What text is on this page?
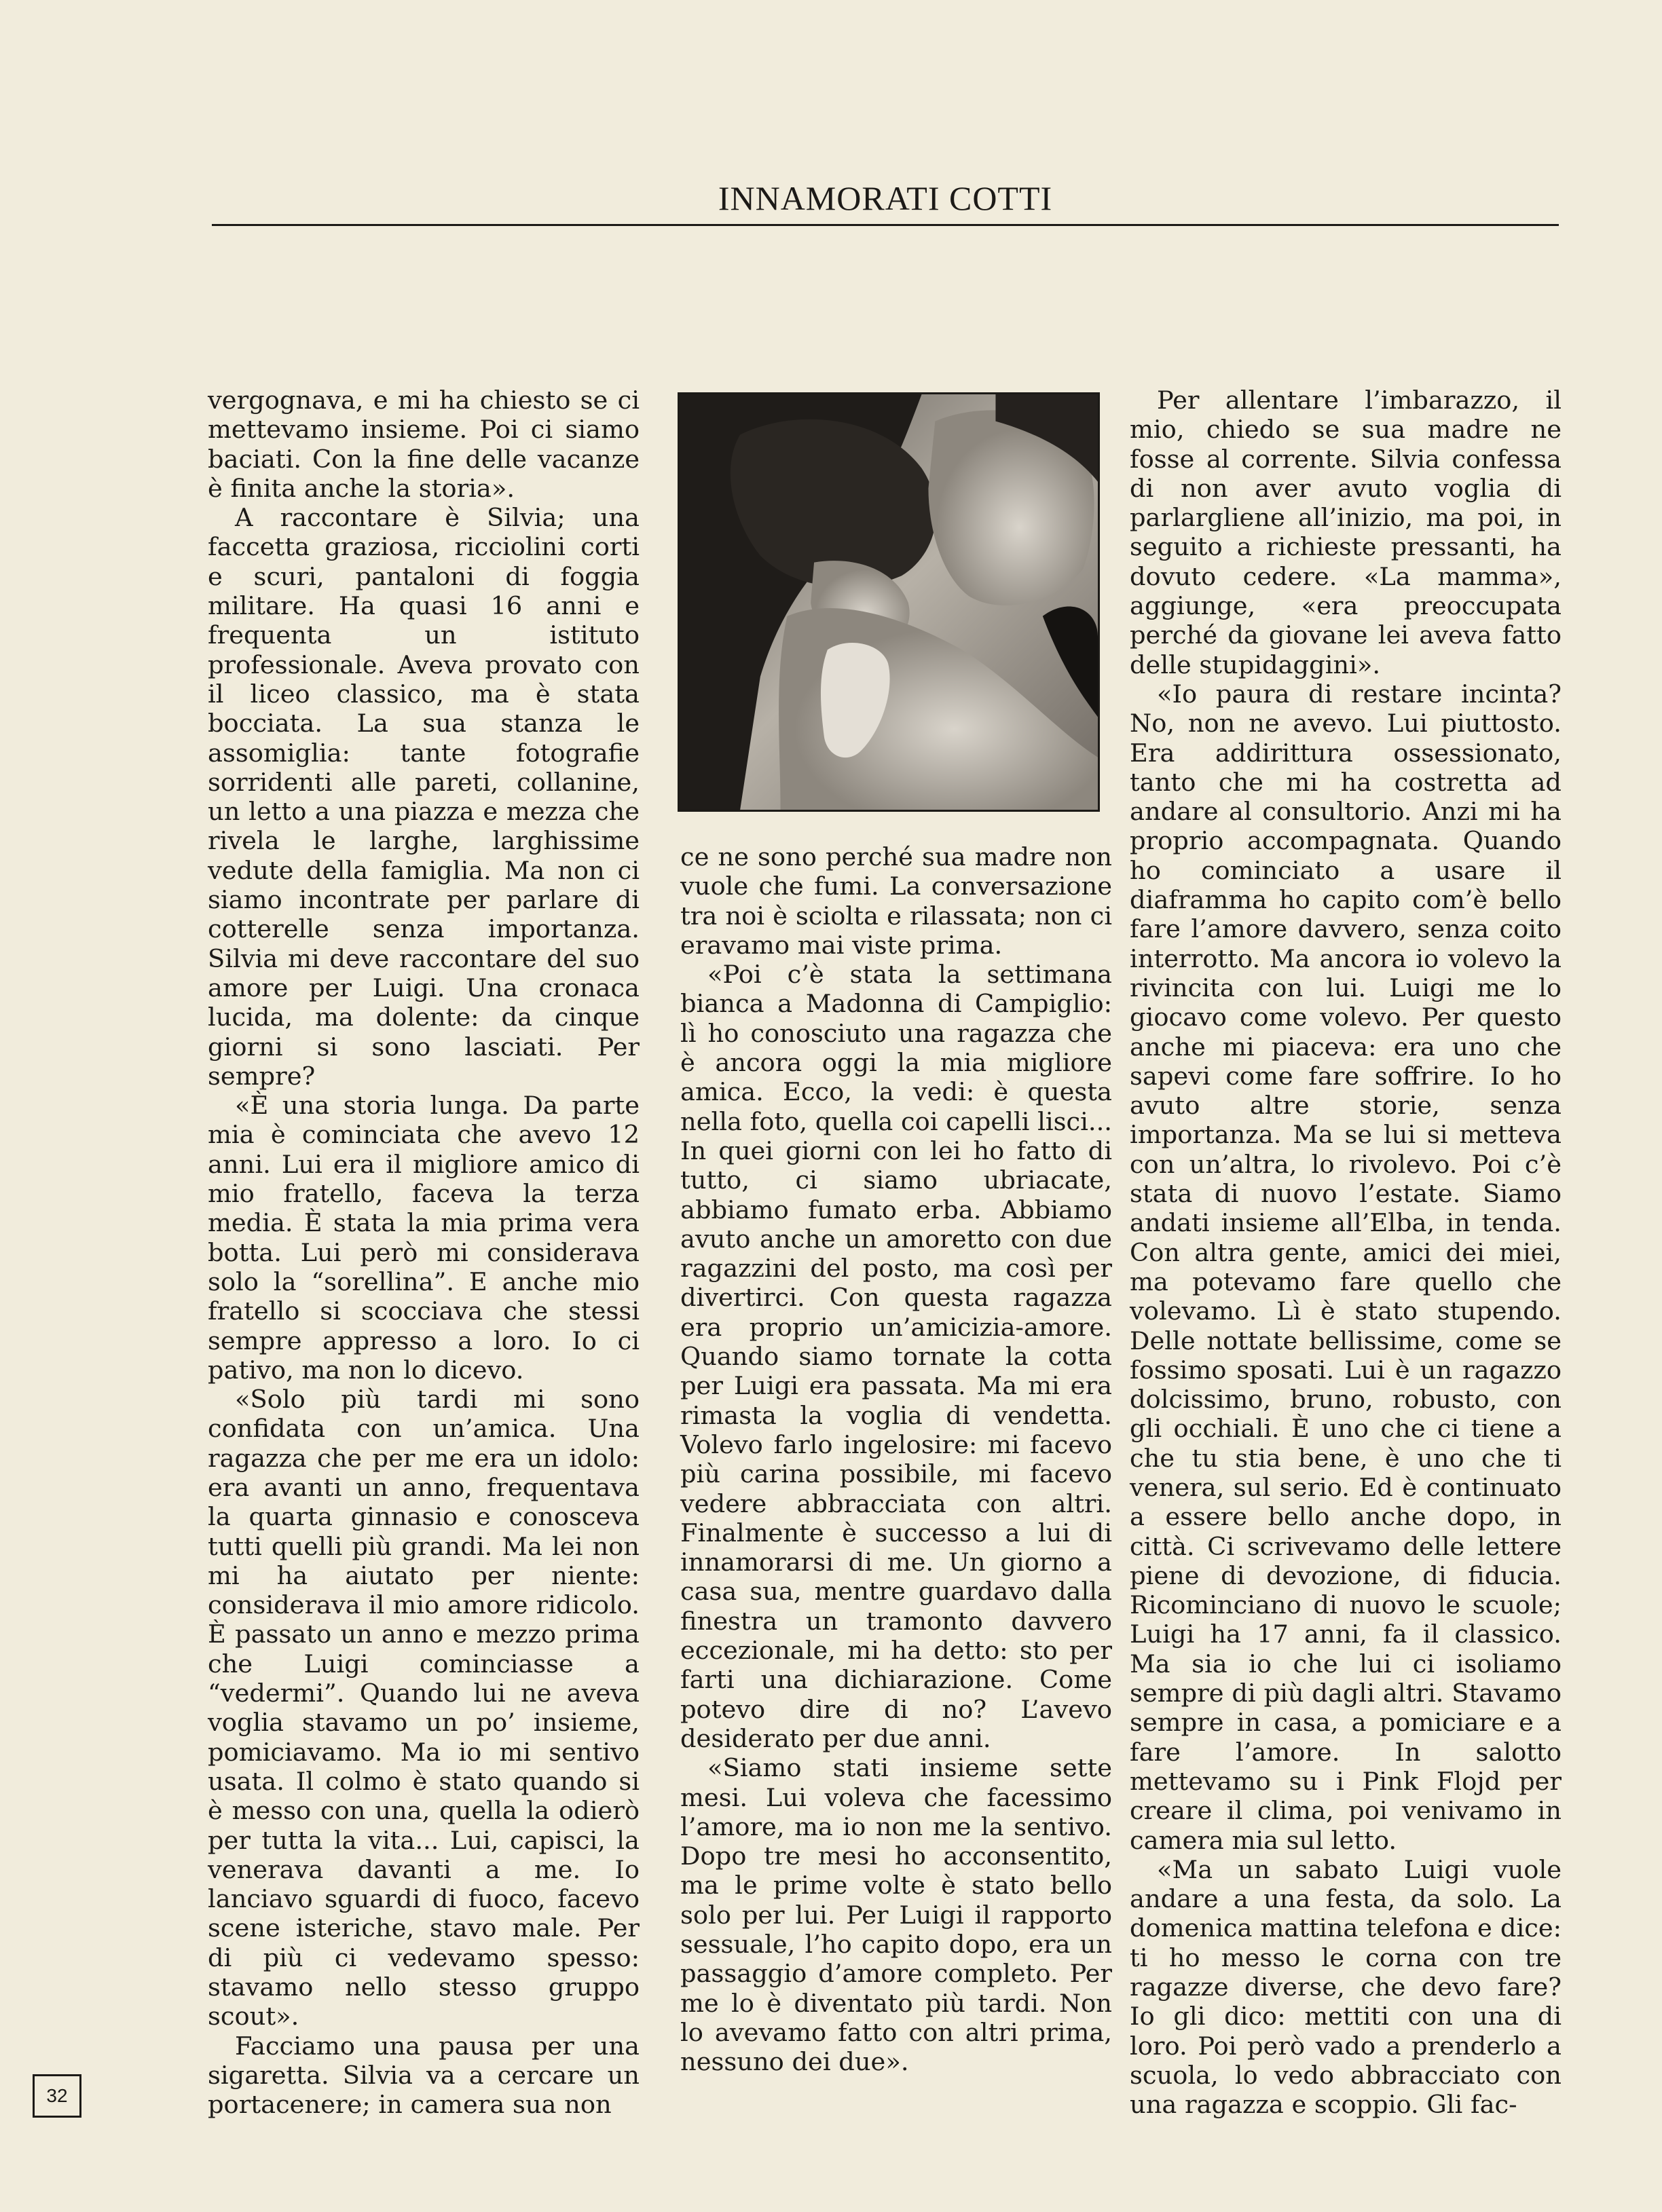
INNAMORATI COTTI

vergognava, e mi ha chiesto se ci mettevamo insieme. Poi ci siamo baciati. Con la fine delle vacanze è finita anche la storia».

A raccontare è Silvia; una faccetta graziosa, ricciolini corti e scuri, pantaloni di foggia militare. Ha quasi 16 anni e frequenta un istituto professionale. Aveva provato con il liceo classico, ma è stata bocciata. La sua stanza le assomiglia: tante fotografie sorridenti alle pareti, collanine, un letto a una piazza e mezza che rivela le larghe, larghissime vedute della famiglia. Ma non ci siamo incontrate per parlare di cotterelle senza importanza. Silvia mi deve raccontare del suo amore per Luigi. Una cronaca lucida, ma dolente: da cinque giorni si sono lasciati. Per sempre?

«È una storia lunga. Da parte mia è cominciata che avevo 12 anni. Lui era il migliore amico di mio fratello, faceva la terza media. È stata la mia prima vera botta. Lui però mi considerava solo la “sorellina”. E anche mio fratello si scocciava che stessi sempre appresso a loro. Io ci pativo, ma non lo dicevo.

«Solo più tardi mi sono confidata con un’amica. Una ragazza che per me era un idolo: era avanti un anno, frequentava la quarta ginnasio e conosceva tutti quelli più grandi. Ma lei non mi ha aiutato per niente: considerava il mio amore ridicolo. È passato un anno e mezzo prima che Luigi cominciasse a “vedermi”. Quando lui ne aveva voglia stavamo un po’ insieme, pomiciavamo. Ma io mi sentivo usata. Il colmo è stato quando si è messo con una, quella la odierò per tutta la vita... Lui, capisci, la venerava davanti a me. Io lanciavo sguardi di fuoco, facevo scene isteriche, stavo male. Per di più ci vedevamo spesso: stavamo nello stesso gruppo scout».

Facciamo una pausa per una sigaretta. Silvia va a cercare un portacenere; in camera sua non

ce ne sono perché sua madre non vuole che fumi. La conversazione tra noi è sciolta e rilassata; non ci eravamo mai viste prima.

«Poi c’è stata la settimana bianca a Madonna di Campiglio: lì ho conosciuto una ragazza che è ancora oggi la mia migliore amica. Ecco, la vedi: è questa nella foto, quella coi capelli lisci... In quei giorni con lei ho fatto di tutto, ci siamo ubriacate, abbiamo fumato erba. Abbiamo avuto anche un amoretto con due ragazzini del posto, ma così per divertirci. Con questa ragazza era proprio un’amicizia-amore. Quando siamo tornate la cotta per Luigi era passata. Ma mi era rimasta la voglia di vendetta. Volevo farlo ingelosire: mi facevo più carina possibile, mi facevo vedere abbracciata con altri. Finalmente è successo a lui di innamorarsi di me. Un giorno a casa sua, mentre guardavo dalla finestra un tramonto davvero eccezionale, mi ha detto: sto per farti una dichiarazione. Come potevo dire di no? L’avevo desiderato per due anni.

«Siamo stati insieme sette mesi. Lui voleva che facessimo l’amore, ma io non me la sentivo. Dopo tre mesi ho acconsentito, ma le prime volte è stato bello solo per lui. Per Luigi il rapporto sessuale, l’ho capito dopo, era un passaggio d’amore completo. Per me lo è diventato più tardi. Non lo avevamo fatto con altri prima, nessuno dei due».

Per allentare l’imbarazzo, il mio, chiedo se sua madre ne fosse al corrente. Silvia confessa di non aver avuto voglia di parlargliene all’inizio, ma poi, in seguito a richieste pressanti, ha dovuto cedere. «La mamma», aggiunge, «era preoccupata perché da giovane lei aveva fatto delle stupidaggini».

«Io paura di restare incinta? No, non ne avevo. Lui piuttosto. Era addirittura ossessionato, tanto che mi ha costretta ad andare al consultorio. Anzi mi ha proprio accompagnata. Quando ho cominciato a usare il diaframma ho capito com’è bello fare l’amore davvero, senza coito interrotto. Ma ancora io volevo la rivincita con lui. Luigi me lo giocavo come volevo. Per questo anche mi piaceva: era uno che sapevi come fare soffrire. Io ho avuto altre storie, senza importanza. Ma se lui si metteva con un’altra, lo rivolevo. Poi c’è stata di nuovo l’estate. Siamo andati insieme all’Elba, in tenda. Con altra gente, amici dei miei, ma potevamo fare quello che volevamo. Lì è stato stupendo. Delle nottate bellissime, come se fossimo sposati. Lui è un ragazzo dolcissimo, bruno, robusto, con gli occhiali. È uno che ci tiene a che tu stia bene, è uno che ti venera, sul serio. Ed è continuato a essere bello anche dopo, in città. Ci scrivevamo delle lettere piene di devozione, di fiducia. Ricominciano di nuovo le scuole; Luigi ha 17 anni, fa il classico. Ma sia io che lui ci isoliamo sempre di più dagli altri. Stavamo sempre in casa, a pomiciare e a fare l’amore. In salotto mettevamo su i Pink Flojd per creare il clima, poi venivamo in camera mia sul letto.

«Ma un sabato Luigi vuole andare a una festa, da solo. La domenica mattina telefona e dice: ti ho messo le corna con tre ragazze diverse, che devo fare? Io gli dico: mettiti con una di loro. Poi però vado a prenderlo a scuola, lo vedo abbracciato con una ragazza e scoppio. Gli fac-

32
